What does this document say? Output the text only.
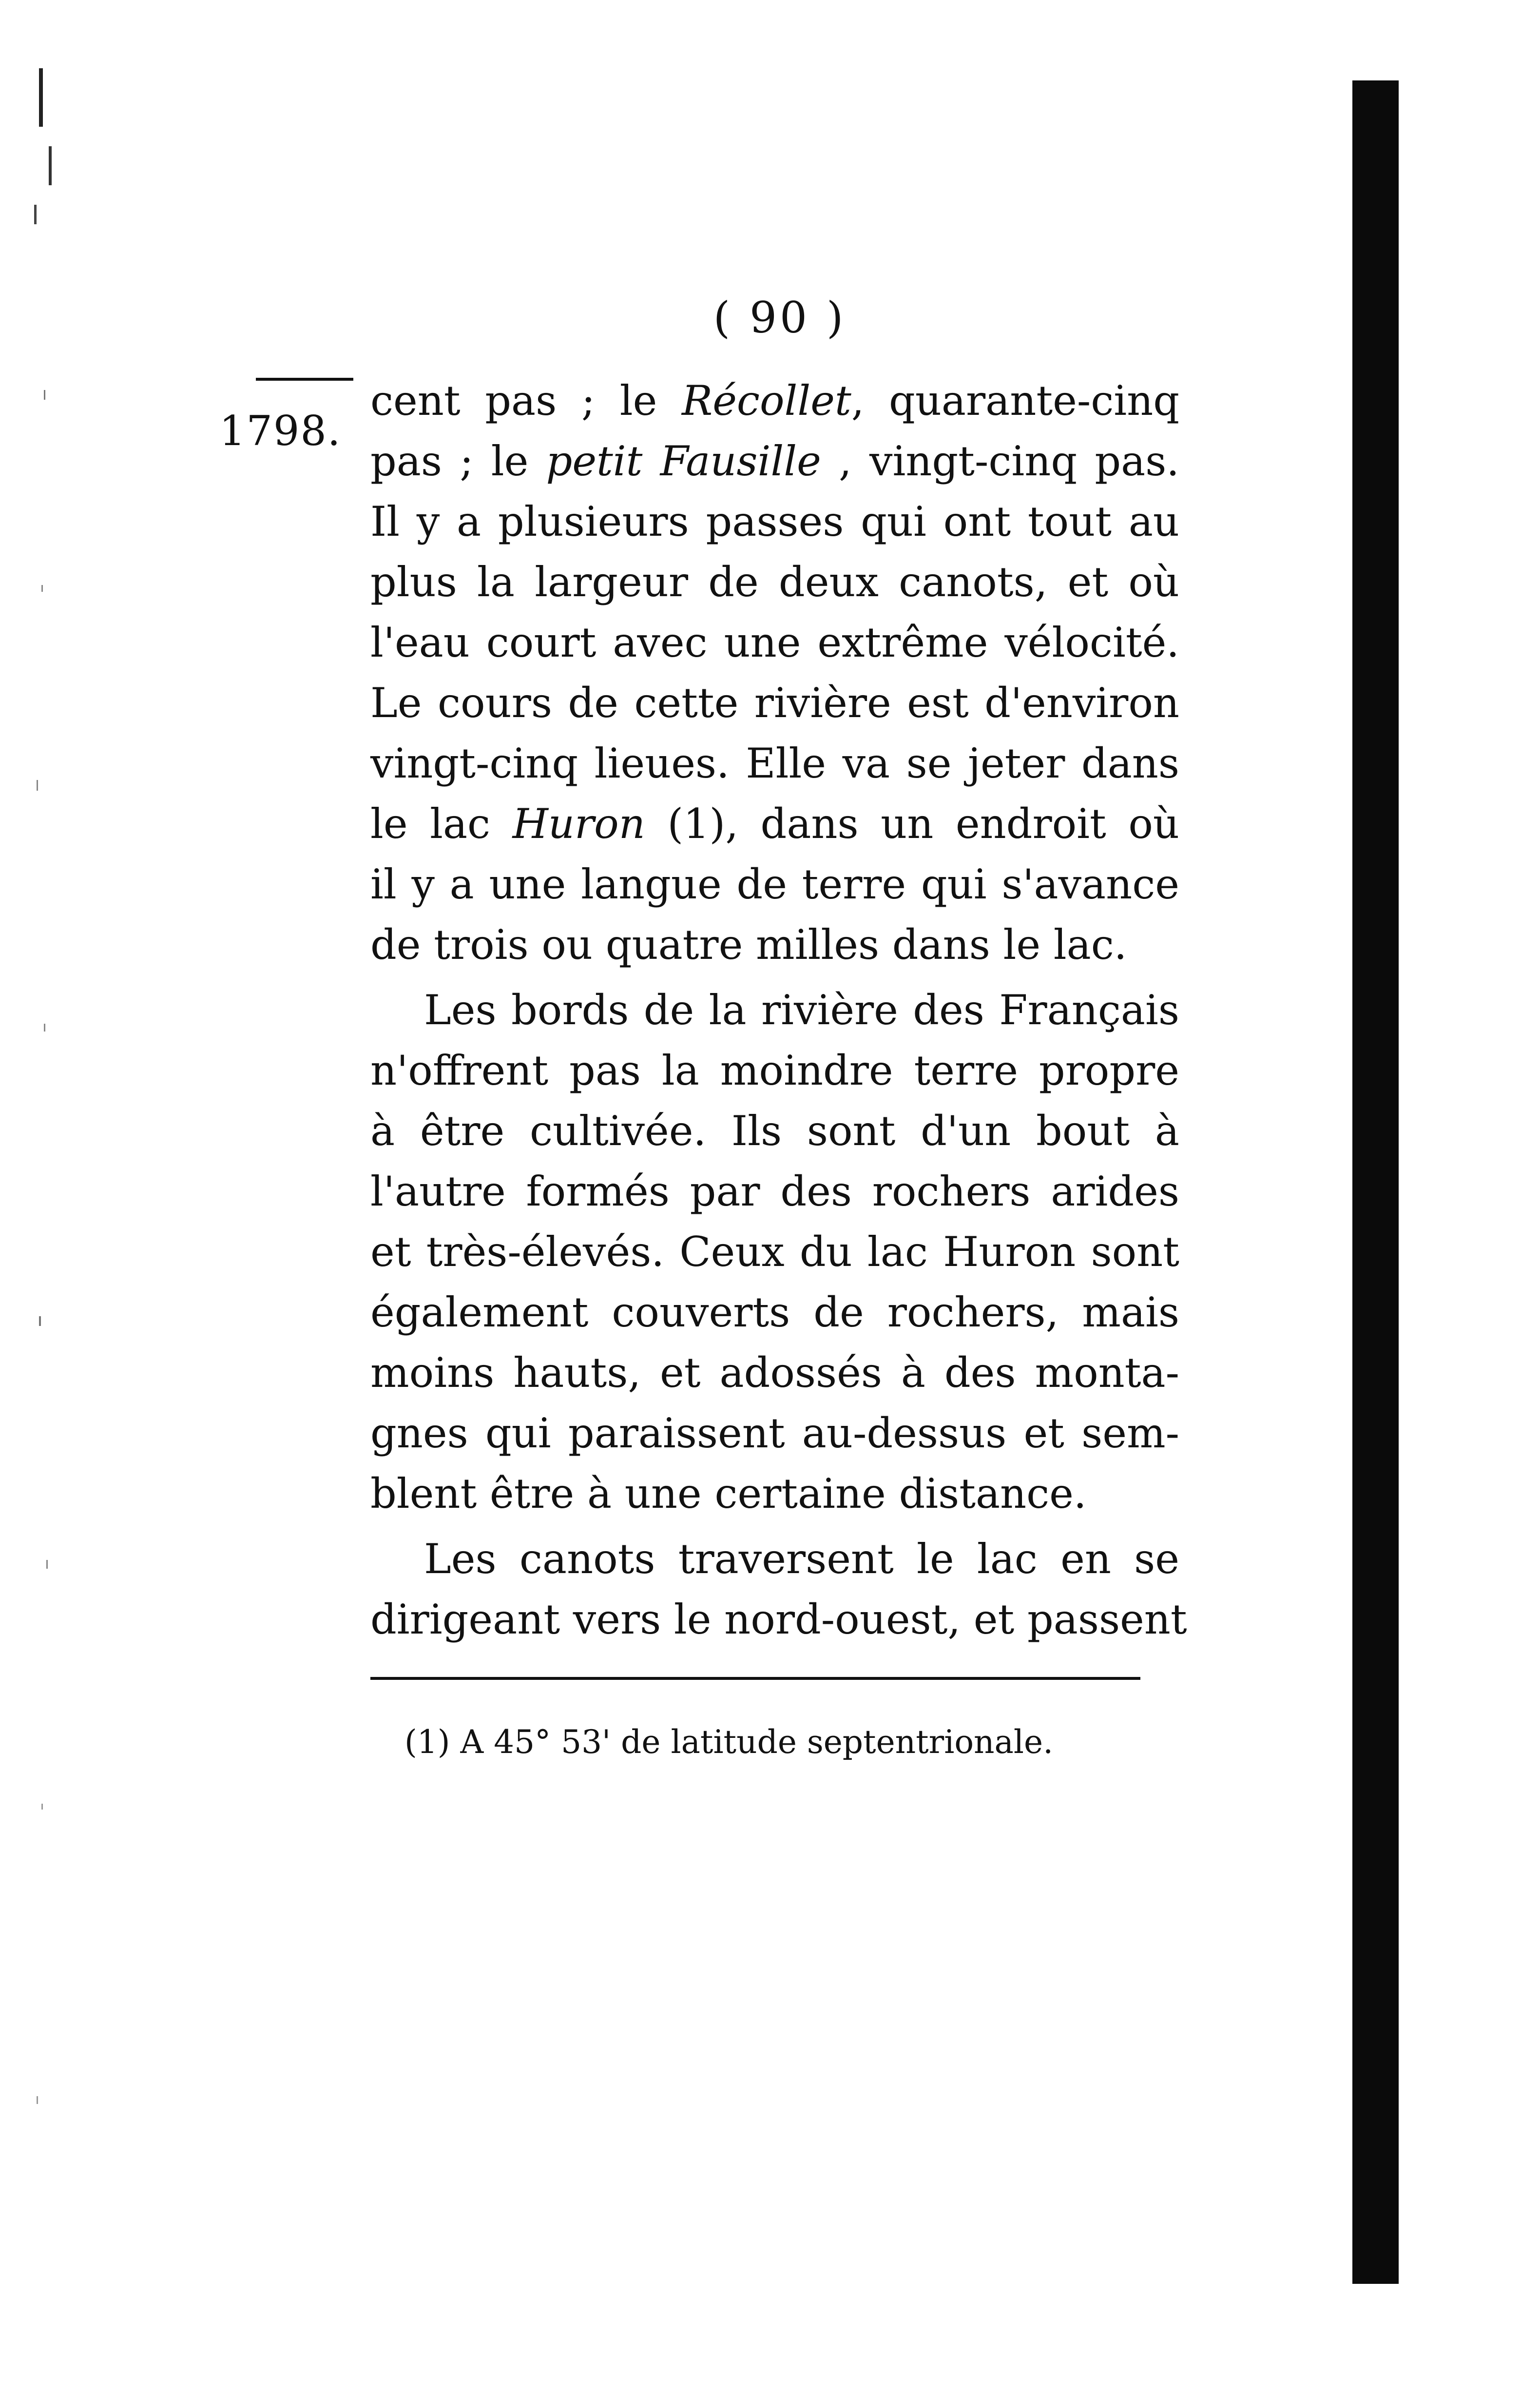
( 90 )
1798.
cent pas ; le Récollet, quarante-cinq
pas ; le petit Fausille , vingt-cinq pas.
Il y a plusieurs passes qui ont tout au
plus la largeur de deux canots, et où
l'eau court avec une extrême vélocité.
Le cours de cette rivière est d'environ
vingt-cinq lieues. Elle va se jeter dans
le lac Huron (1), dans un endroit où
il y a une langue de terre qui s'avance
de trois ou quatre milles dans le lac.
Les bords de la rivière des Français
n'offrent pas la moindre terre propre
à être cultivée. Ils sont d'un bout à
l'autre formés par des rochers arides
et très-élevés. Ceux du lac Huron sont
également couverts de rochers, mais
moins hauts, et adossés à des monta-
gnes qui paraissent au-dessus et sem-
blent être à une certaine distance.
Les canots traversent le lac en se
dirigeant vers le nord-ouest, et passent
(1) A 45° 53' de latitude septentrionale.
